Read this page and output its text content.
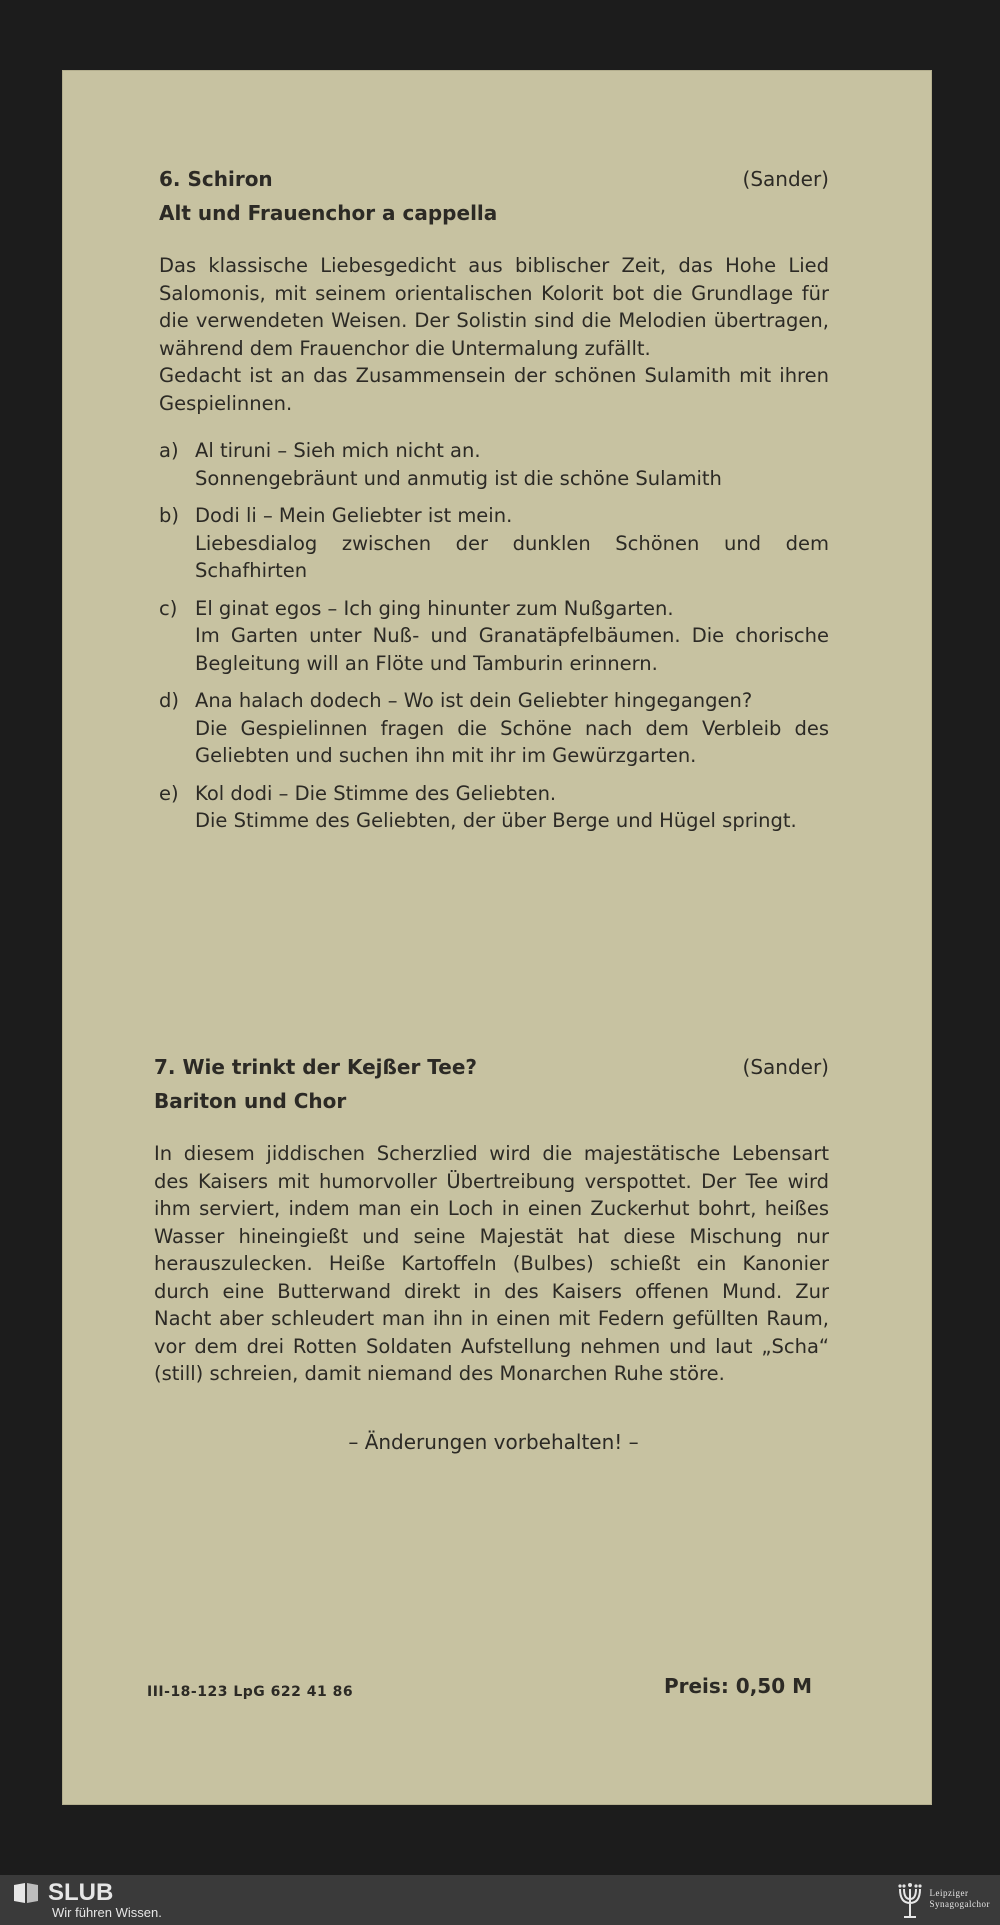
6. Schiron	(Sander)
Alt und Frauenchor a cappella

Das klassische Liebesgedicht aus biblischer Zeit, das Hohe Lied Salomonis, mit seinem orientalischen Kolorit bot die Grundlage für die verwendeten Weisen. Der Solistin sind die Melodien übertragen, während dem Frauenchor die Untermalung zufällt.

Gedacht ist an das Zusammensein der schönen Sulamith mit ihren Gespielinnen.

a) Al tiruni – Sieh mich nicht an.
Sonnengebräunt und anmutig ist die schöne Sulamith
b) Dodi li – Mein Geliebter ist mein.
Liebesdialog zwischen der dunklen Schönen und dem Schafhirten
c) El ginat egos – Ich ging hinunter zum Nußgarten.
Im Garten unter Nuß- und Granatäpfelbäumen. Die chorische Begleitung will an Flöte und Tamburin erinnern.
d) Ana halach dodech – Wo ist dein Geliebter hingegangen?
Die Gespielinnen fragen die Schöne nach dem Verbleib des Geliebten und suchen ihn mit ihr im Gewürzgarten.
e) Kol dodi – Die Stimme des Geliebten.
Die Stimme des Geliebten, der über Berge und Hügel springt.
7. Wie trinkt der Kejßer Tee?	(Sander)
Bariton und Chor

In diesem jiddischen Scherzlied wird die majestätische Lebensart des Kaisers mit humorvoller Übertreibung verspottet. Der Tee wird ihm serviert, indem man ein Loch in einen Zuckerhut bohrt, heißes Wasser hineingießt und seine Majestät hat diese Mischung nur herauszulecken. Heiße Kartoffeln (Bulbes) schießt ein Kanonier durch eine Butterwand direkt in des Kaisers offenen Mund. Zur Nacht aber schleudert man ihn in einen mit Federn gefüllten Raum, vor dem drei Rotten Soldaten Aufstellung nehmen und laut „Scha“ (still) schreien, damit niemand des Monarchen Ruhe störe.

– Änderungen vorbehalten! –
III-18-123 LpG 622 41 86	Preis: 0,50 M
SLUB
Wir führen Wissen.
Leipziger
Synagogalchor
